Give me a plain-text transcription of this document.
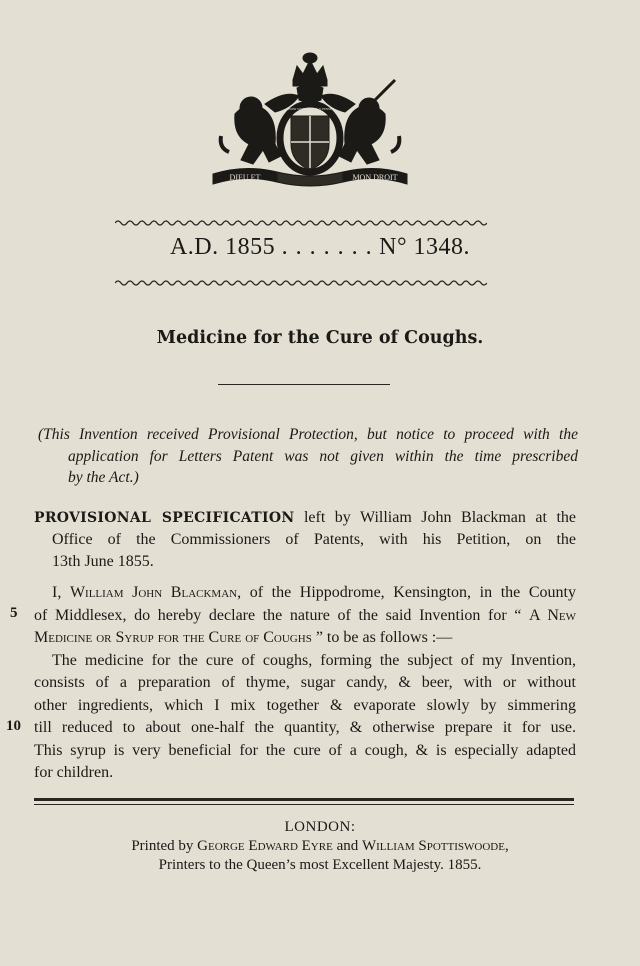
DIEU ET	MON DROIT
HONI SOIT QUI MAL Y PENSE
A.D. 1855 . . . . . . . N° 1348.
Medicine for the Cure of Coughs.
(This Invention received Provisional Protection, but notice to proceed with the
application for Letters Patent was not given within the time prescribed
by the Act.)
PROVISIONAL SPECIFICATION left by William John Blackman at the
Office of the Commissioners of Patents, with his Petition, on the
13th June 1855.
I, William John Blackman, of the Hippodrome, Kensington, in the County
of Middlesex, do hereby declare the nature of the said Invention for “ A New
Medicine or Syrup for the Cure of Coughs ” to be as follows :—
The medicine for the cure of coughs, forming the subject of my Invention,
consists of a preparation of thyme, sugar candy, & beer, with or without
other ingredients, which I mix together & evaporate slowly by simmering
till reduced to about one-half the quantity, & otherwise prepare it for use.
This syrup is very beneficial for the cure of a cough, & is especially adapted
for children.
5
10
LONDON:
Printed by George Edward Eyre and William Spottiswoode,
Printers to the Queen’s most Excellent Majesty. 1855.
